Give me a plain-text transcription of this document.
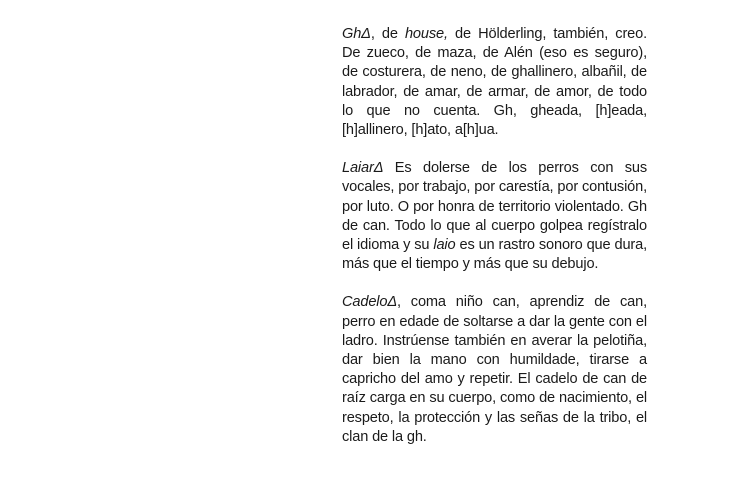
GhΔ, de house, de Hölderling, también, creo. De zueco, de maza, de Alén (eso es seguro), de costurera, de neno, de ghallinero, albañil, de labrador, de amar, de armar, de amor, de todo lo que no cuenta. Gh, gheada, [h]eada, [h]allinero, [h]ato, a[h]ua.

LaiarΔ Es dolerse de los perros con sus vocales, por trabajo, por carestía, por contusión, por luto. O por honra de territorio violentado. Gh de can. Todo lo que al cuerpo golpea regístralo el idioma y su laio es un rastro sonoro que dura, más que el tiempo y más que su debujo.

CadeloΔ, coma niño can, aprendiz de can, perro en edade de soltarse a dar la gente con el ladro. Instrúense también en averar la pelotiña, dar bien la mano con humildade, tirarse a capricho del amo y repetir. El cadelo de can de raíz carga en su cuerpo, como de nacimiento, el respeto, la protección y las señas de la tribo, el clan de la gh.
